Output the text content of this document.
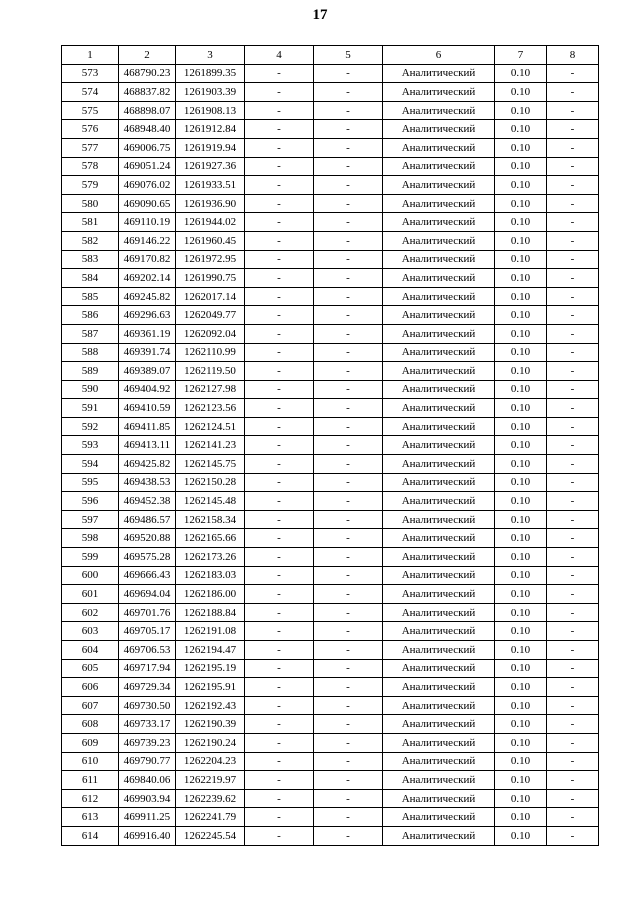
17
1	2	3	4	5	6	7	8
573	468790.23	1261899.35	-	-	Аналитический	0.10	-
574	468837.82	1261903.39	-	-	Аналитический	0.10	-
575	468898.07	1261908.13	-	-	Аналитический	0.10	-
576	468948.40	1261912.84	-	-	Аналитический	0.10	-
577	469006.75	1261919.94	-	-	Аналитический	0.10	-
578	469051.24	1261927.36	-	-	Аналитический	0.10	-
579	469076.02	1261933.51	-	-	Аналитический	0.10	-
580	469090.65	1261936.90	-	-	Аналитический	0.10	-
581	469110.19	1261944.02	-	-	Аналитический	0.10	-
582	469146.22	1261960.45	-	-	Аналитический	0.10	-
583	469170.82	1261972.95	-	-	Аналитический	0.10	-
584	469202.14	1261990.75	-	-	Аналитический	0.10	-
585	469245.82	1262017.14	-	-	Аналитический	0.10	-
586	469296.63	1262049.77	-	-	Аналитический	0.10	-
587	469361.19	1262092.04	-	-	Аналитический	0.10	-
588	469391.74	1262110.99	-	-	Аналитический	0.10	-
589	469389.07	1262119.50	-	-	Аналитический	0.10	-
590	469404.92	1262127.98	-	-	Аналитический	0.10	-
591	469410.59	1262123.56	-	-	Аналитический	0.10	-
592	469411.85	1262124.51	-	-	Аналитический	0.10	-
593	469413.11	1262141.23	-	-	Аналитический	0.10	-
594	469425.82	1262145.75	-	-	Аналитический	0.10	-
595	469438.53	1262150.28	-	-	Аналитический	0.10	-
596	469452.38	1262145.48	-	-	Аналитический	0.10	-
597	469486.57	1262158.34	-	-	Аналитический	0.10	-
598	469520.88	1262165.66	-	-	Аналитический	0.10	-
599	469575.28	1262173.26	-	-	Аналитический	0.10	-
600	469666.43	1262183.03	-	-	Аналитический	0.10	-
601	469694.04	1262186.00	-	-	Аналитический	0.10	-
602	469701.76	1262188.84	-	-	Аналитический	0.10	-
603	469705.17	1262191.08	-	-	Аналитический	0.10	-
604	469706.53	1262194.47	-	-	Аналитический	0.10	-
605	469717.94	1262195.19	-	-	Аналитический	0.10	-
606	469729.34	1262195.91	-	-	Аналитический	0.10	-
607	469730.50	1262192.43	-	-	Аналитический	0.10	-
608	469733.17	1262190.39	-	-	Аналитический	0.10	-
609	469739.23	1262190.24	-	-	Аналитический	0.10	-
610	469790.77	1262204.23	-	-	Аналитический	0.10	-
611	469840.06	1262219.97	-	-	Аналитический	0.10	-
612	469903.94	1262239.62	-	-	Аналитический	0.10	-
613	469911.25	1262241.79	-	-	Аналитический	0.10	-
614	469916.40	1262245.54	-	-	Аналитический	0.10	-
